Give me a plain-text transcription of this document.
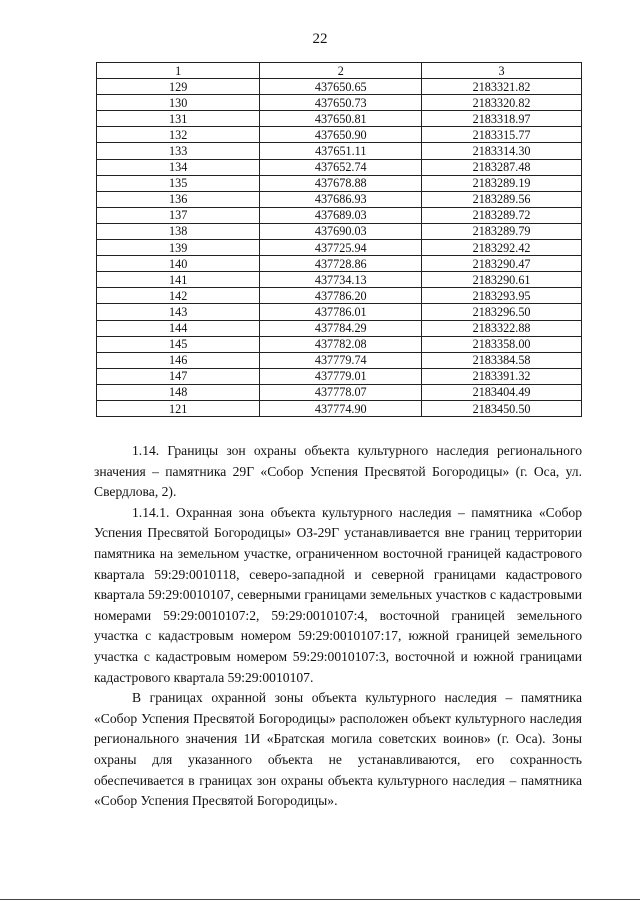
22
1	2	3
129	437650.65	2183321.82
130	437650.73	2183320.82
131	437650.81	2183318.97
132	437650.90	2183315.77
133	437651.11	2183314.30
134	437652.74	2183287.48
135	437678.88	2183289.19
136	437686.93	2183289.56
137	437689.03	2183289.72
138	437690.03	2183289.79
139	437725.94	2183292.42
140	437728.86	2183290.47
141	437734.13	2183290.61
142	437786.20	2183293.95
143	437786.01	2183296.50
144	437784.29	2183322.88
145	437782.08	2183358.00
146	437779.74	2183384.58
147	437779.01	2183391.32
148	437778.07	2183404.49
121	437774.90	2183450.50

1.14. Границы зон охраны объекта культурного наследия регионального значения – памятника 29Г «Собор Успения Пресвятой Богородицы» (г. Оса, ул. Свердлова, 2).

1.14.1. Охранная зона объекта культурного наследия – памятника «Собор Успения Пресвятой Богородицы» ОЗ-29Г устанавливается вне границ территории памятника на земельном участке, ограниченном восточной границей кадастрового квартала 59:29:0010118, северо-западной и северной границами кадастрового квартала 59:29:0010107, северными границами земельных участков с кадастровыми номерами 59:29:0010107:2, 59:29:0010107:4, восточной границей земельного участка с кадастровым номером 59:29:0010107:17, южной границей земельного участка с кадастровым номером 59:29:0010107:3, восточной и южной границами кадастрового квартала 59:29:0010107.

В границах охранной зоны объекта культурного наследия – памятника «Собор Успения Пресвятой Богородицы» расположен объект культурного наследия регионального значения 1И «Братская могила советских воинов» (г. Оса). Зоны охраны для указанного объекта не устанавливаются, его сохранность обеспечивается в границах зон охраны объекта культурного наследия – памятника «Собор Успения Пресвятой Богородицы».
